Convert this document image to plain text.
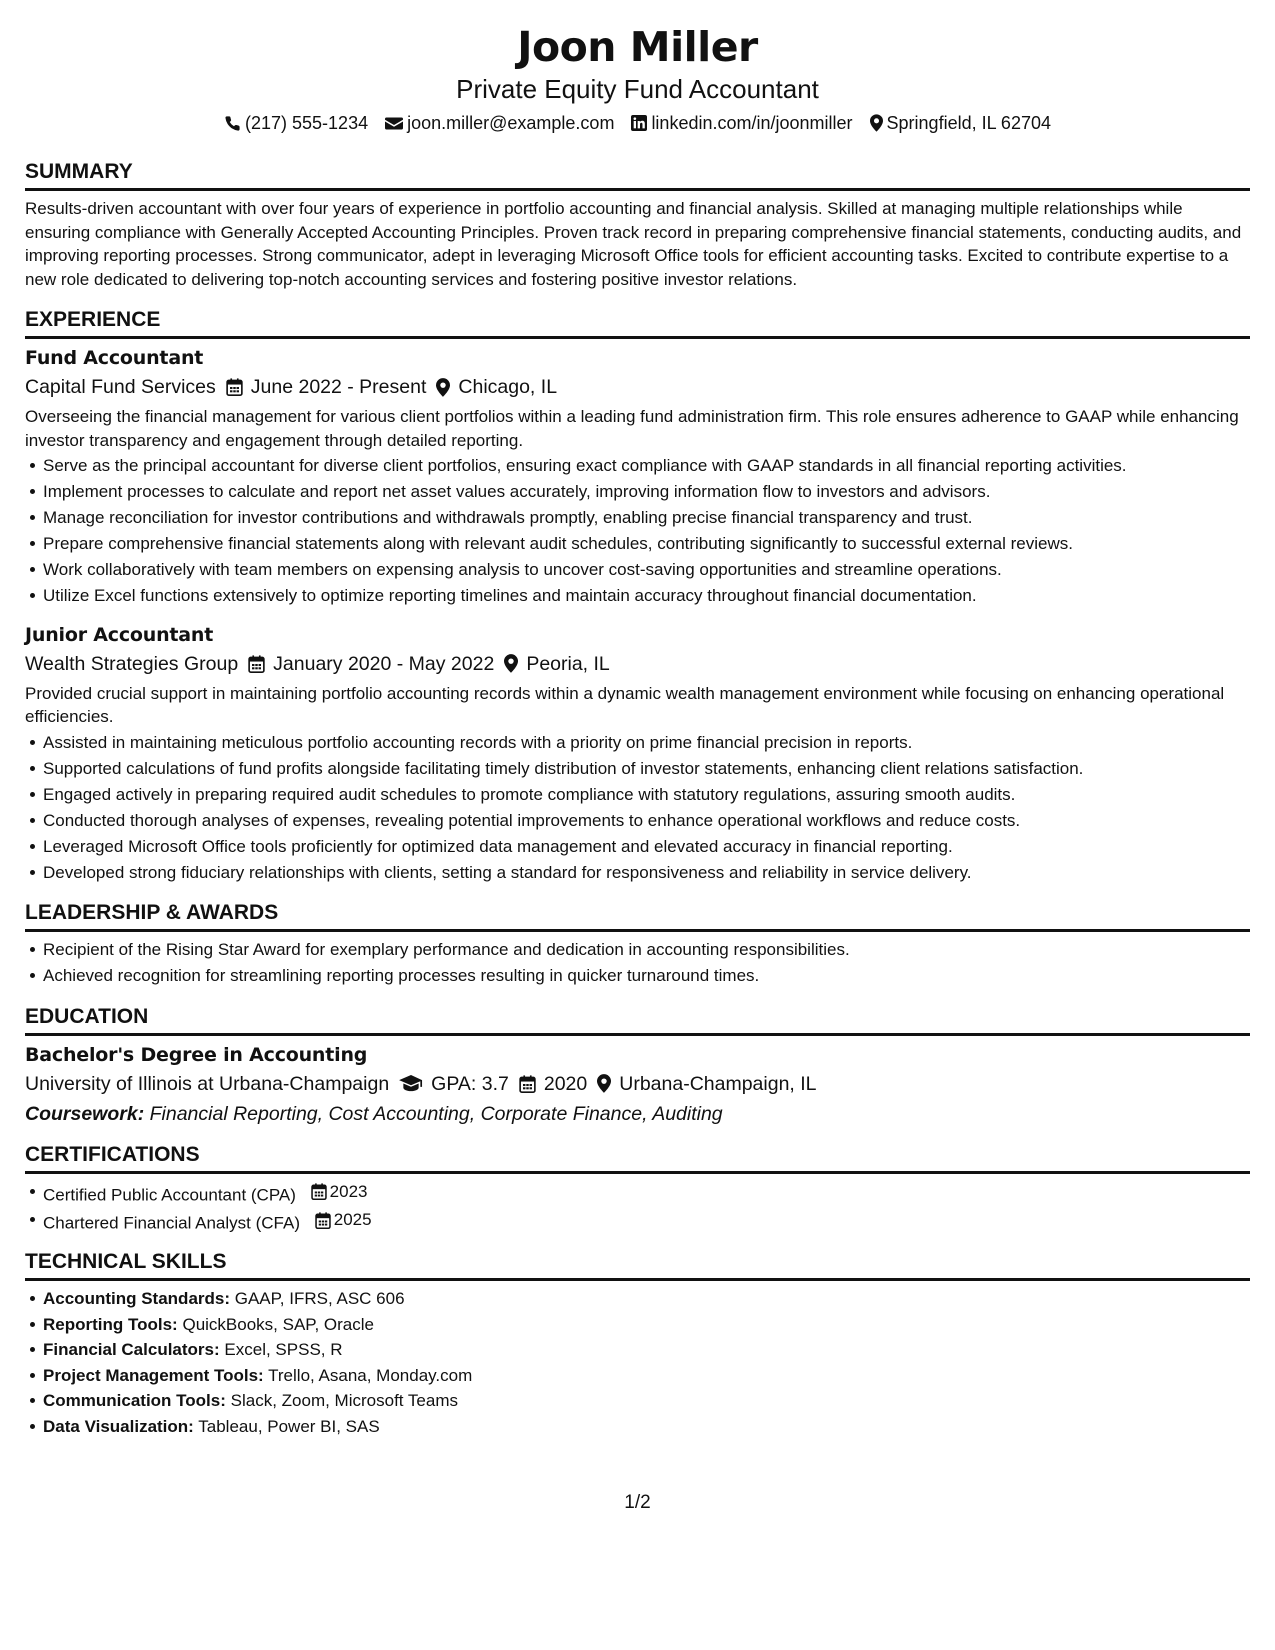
Joon Miller
Private Equity Fund Accountant
(217) 555-1234 joon.miller@example.com linkedin.com/in/joonmiller Springfield, IL 62704
SUMMARY

Results-driven accountant with over four years of experience in portfolio accounting and financial analysis. Skilled at managing multiple relationships while ensuring compliance with Generally Accepted Accounting Principles. Proven track record in preparing comprehensive financial statements, conducting audits, and improving reporting processes. Strong communicator, adept in leveraging Microsoft Office tools for efficient accounting tasks. Excited to contribute expertise to a new role dedicated to delivering top-notch accounting services and fostering positive investor relations.

EXPERIENCE
Fund Accountant
Capital Fund Services June 2022 - Present Chicago, IL
Overseeing the financial management for various client portfolios within a leading fund administration firm. This role ensures adherence to GAAP while enhancing investor transparency and engagement through detailed reporting.
Serve as the principal accountant for diverse client portfolios, ensuring exact compliance with GAAP standards in all financial reporting activities.
Implement processes to calculate and report net asset values accurately, improving information flow to investors and advisors.
Manage reconciliation for investor contributions and withdrawals promptly, enabling precise financial transparency and trust.
Prepare comprehensive financial statements along with relevant audit schedules, contributing significantly to successful external reviews.
Work collaboratively with team members on expensing analysis to uncover cost-saving opportunities and streamline operations.
Utilize Excel functions extensively to optimize reporting timelines and maintain accuracy throughout financial documentation.
Junior Accountant
Wealth Strategies Group January 2020 - May 2022 Peoria, IL
Provided crucial support in maintaining portfolio accounting records within a dynamic wealth management environment while focusing on enhancing operational efficiencies.
Assisted in maintaining meticulous portfolio accounting records with a priority on prime financial precision in reports.
Supported calculations of fund profits alongside facilitating timely distribution of investor statements, enhancing client relations satisfaction.
Engaged actively in preparing required audit schedules to promote compliance with statutory regulations, assuring smooth audits.
Conducted thorough analyses of expenses, revealing potential improvements to enhance operational workflows and reduce costs.
Leveraged Microsoft Office tools proficiently for optimized data management and elevated accuracy in financial reporting.
Developed strong fiduciary relationships with clients, setting a standard for responsiveness and reliability in service delivery.
LEADERSHIP & AWARDS
Recipient of the Rising Star Award for exemplary performance and dedication in accounting responsibilities.
Achieved recognition for streamlining reporting processes resulting in quicker turnaround times.
EDUCATION
Bachelor's Degree in Accounting
University of Illinois at Urbana-Champaign GPA: 3.7 2020 Urbana-Champaign, IL
Coursework: Financial Reporting, Cost Accounting, Corporate Finance, Auditing
CERTIFICATIONS
Certified Public Accountant (CPA) 2023
Chartered Financial Analyst (CFA) 2025
TECHNICAL SKILLS
Accounting Standards: GAAP, IFRS, ASC 606
Reporting Tools: QuickBooks, SAP, Oracle
Financial Calculators: Excel, SPSS, R
Project Management Tools: Trello, Asana, Monday.com
Communication Tools: Slack, Zoom, Microsoft Teams
Data Visualization: Tableau, Power BI, SAS
1/2
